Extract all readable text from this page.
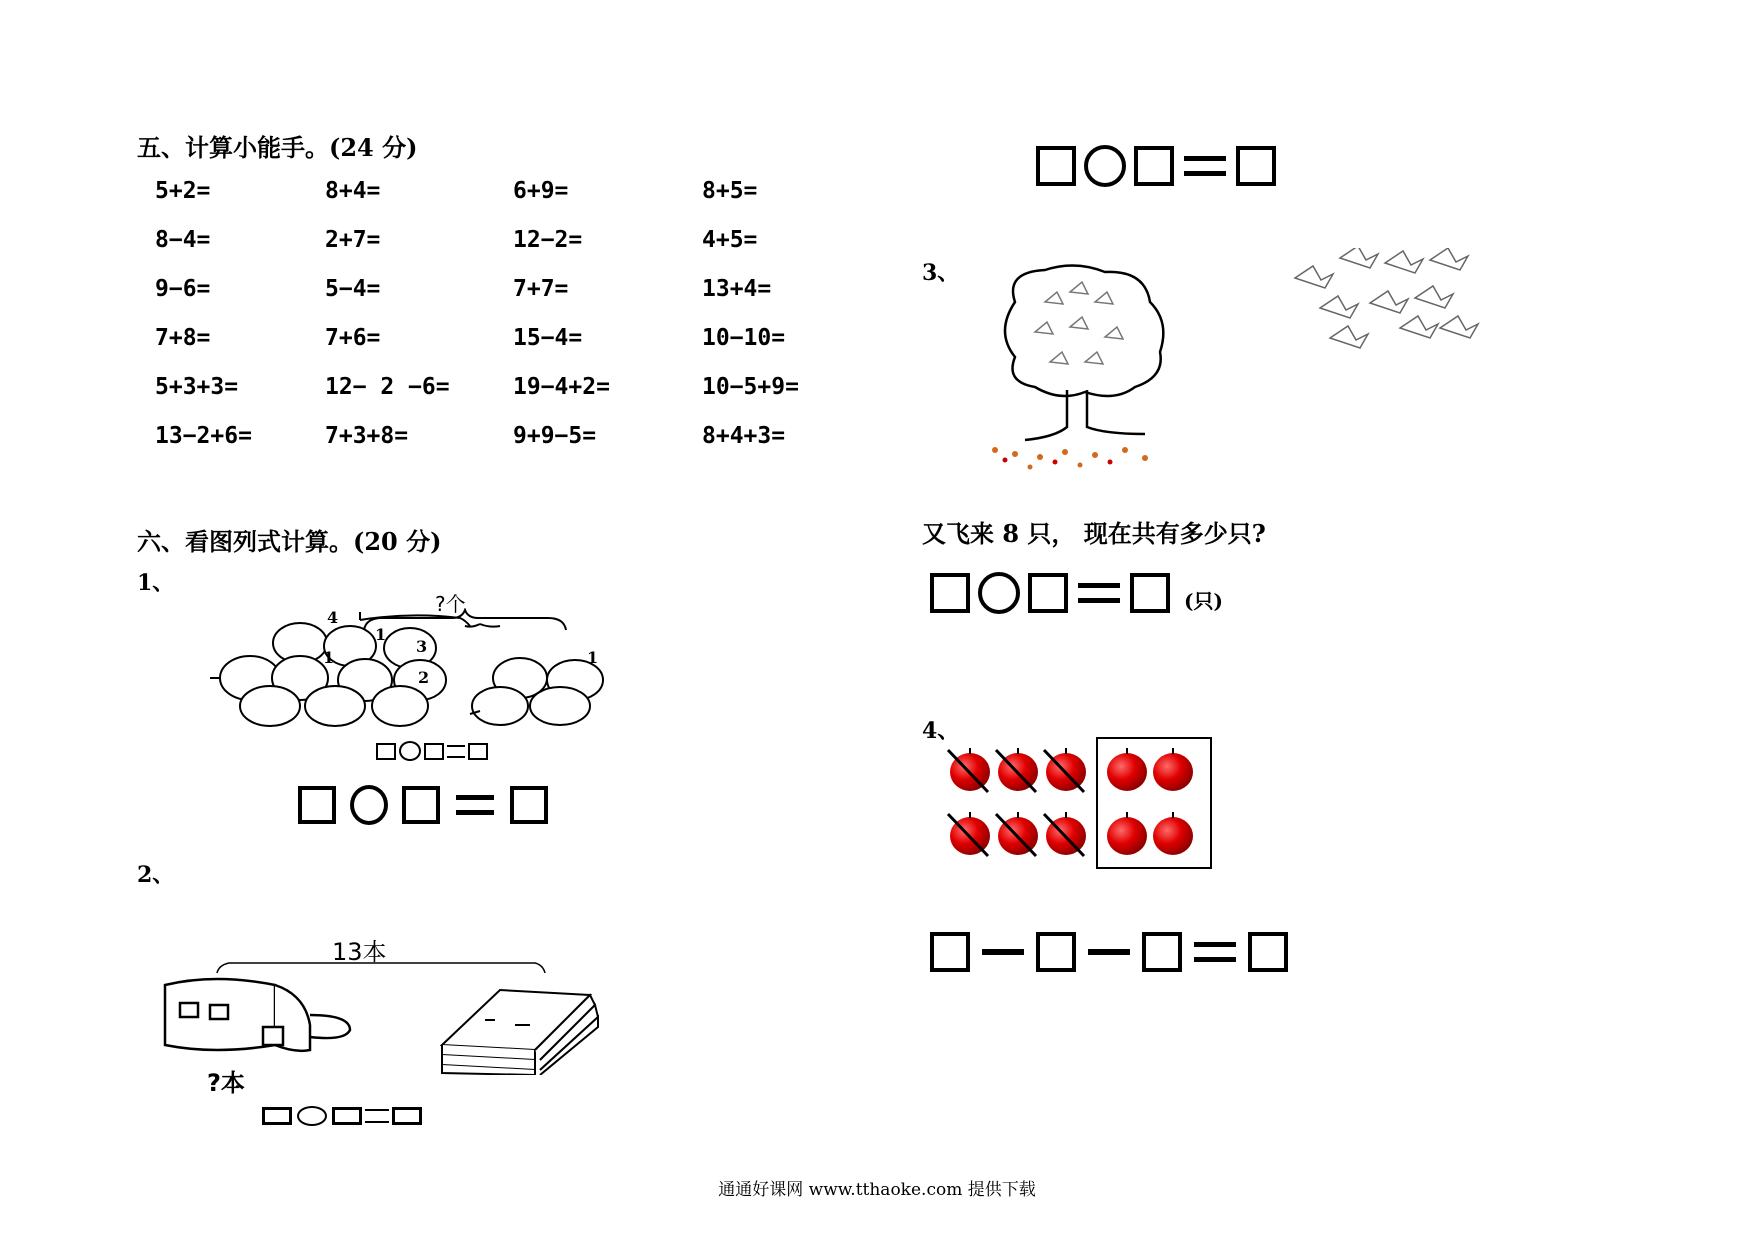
五、计算小能手。(24 分)
5+2=	8+4=	6+9=	8+5=
8−4=	2+7=	12−2=	4+5=
9−6=	5−4=	7+7=	13+4=
7+8=	7+6=	15−4=	10−10=
5+3+3=	12− 2 −6=	19−4+2=	10−5+9=
13−2+6=	7+3+8=	9+9−5=	8+4+3=
六、看图列式计算。(20 分)
1、
?个
4
1
3
1
2
1
2、
13本
?本
3、
又飞来 8 只， 现在共有多少只?
(只)
4、
通通好课网 www.tthaoke.com 提供下载
